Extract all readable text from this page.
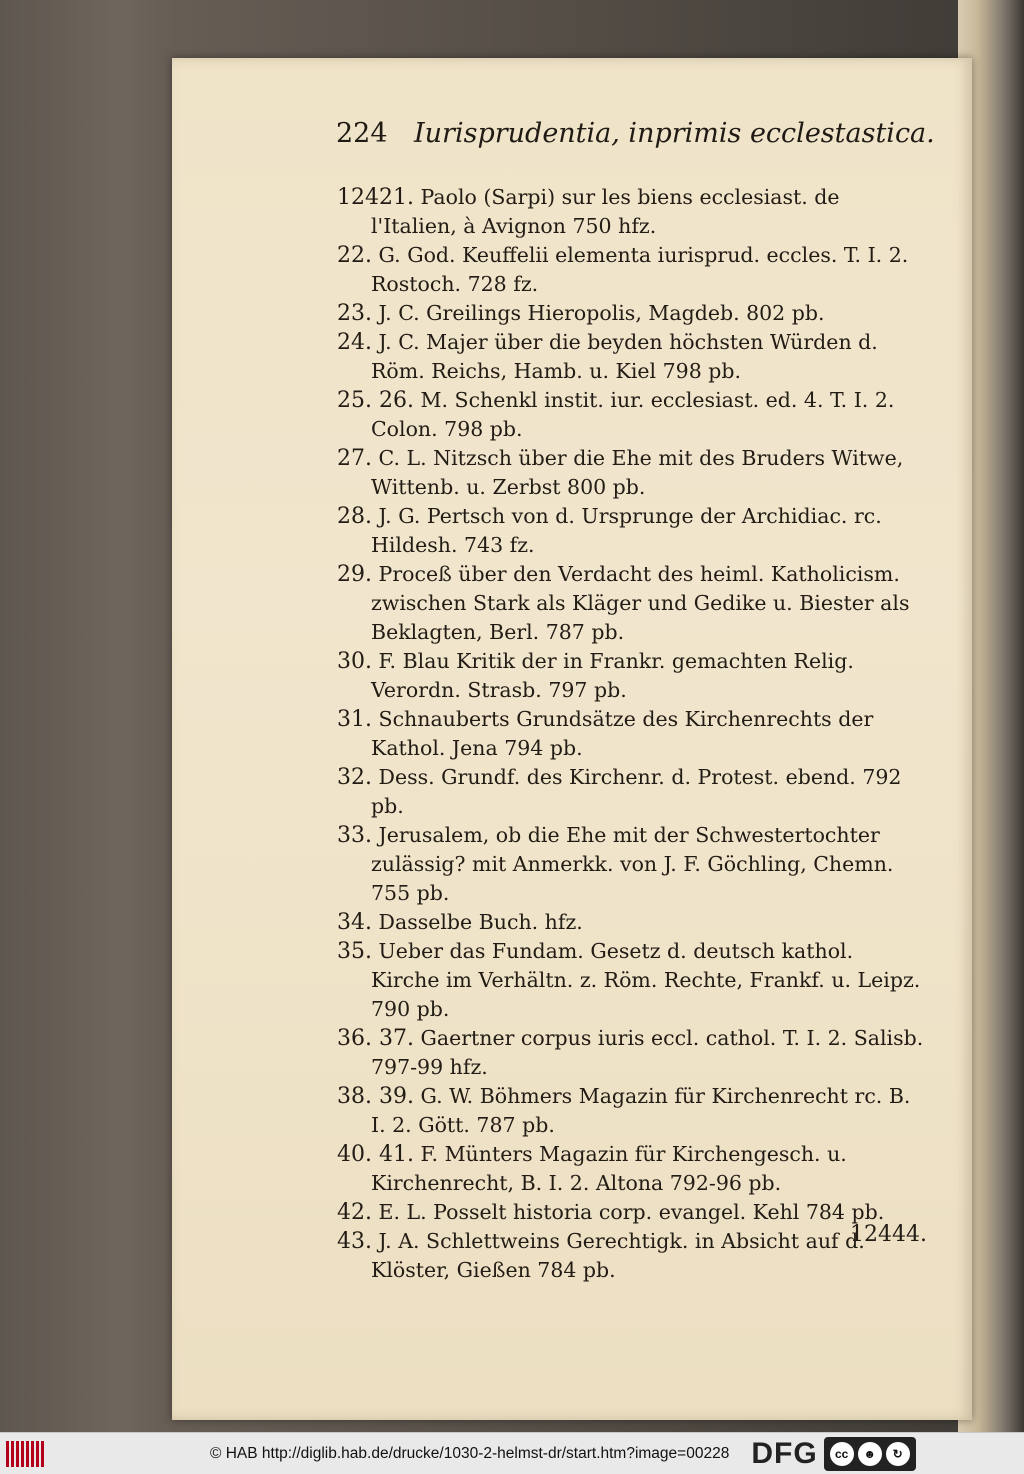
224 Iurisprudentia, inprimis ecclestastica.

12421. Paolo (Sarpi) sur les biens ecclesiast. de l'Italien, à Avignon 750 hfz.

22. G. God. Keuffelii elementa iurisprud. eccles. T. I. 2. Rostoch. 728 fz.

23. J. C. Greilings Hieropolis, Magdeb. 802 pb.

24. J. C. Majer über die beyden höchsten Würden d. Röm. Reichs, Hamb. u. Kiel 798 pb.

25. 26. M. Schenkl instit. iur. ecclesiast. ed. 4. T. I. 2. Colon. 798 pb.

27. C. L. Nitzsch über die Ehe mit des Bruders Witwe, Wittenb. u. Zerbst 800 pb.

28. J. G. Pertsch von d. Ursprunge der Archidiac. rc. Hildesh. 743 fz.

29. Proceß über den Verdacht des heiml. Katholicism. zwischen Stark als Kläger und Gedike u. Biester als Beklagten, Berl. 787 pb.

30. F. Blau Kritik der in Frankr. gemachten Relig. Verordn. Strasb. 797 pb.

31. Schnauberts Grundsätze des Kirchenrechts der Kathol. Jena 794 pb.

32. Dess. Grundf. des Kirchenr. d. Protest. ebend. 792 pb.

33. Jerusalem, ob die Ehe mit der Schwestertochter zulässig? mit Anmerkk. von J. F. Göchling, Chemn. 755 pb.

34. Dasselbe Buch. hfz.

35. Ueber das Fundam. Gesetz d. deutsch kathol. Kirche im Verhältn. z. Röm. Rechte, Frankf. u. Leipz. 790 pb.

36. 37. Gaertner corpus iuris eccl. cathol. T. I. 2. Salisb. 797-99 hfz.

38. 39. G. W. Böhmers Magazin für Kirchenrecht rc. B. I. 2. Gött. 787 pb.

40. 41. F. Münters Magazin für Kirchengesch. u. Kirchenrecht, B. I. 2. Altona 792-96 pb.

42. E. L. Posselt historia corp. evangel. Kehl 784 pb.

43. J. A. Schlettweins Gerechtigk. in Absicht auf d. Klöster, Gießen 784 pb.

12444.
© HAB http://diglib.hab.de/drucke/1030-2-helmst-dr/start.htm?image=00228 DFG	cc	☻	↻
